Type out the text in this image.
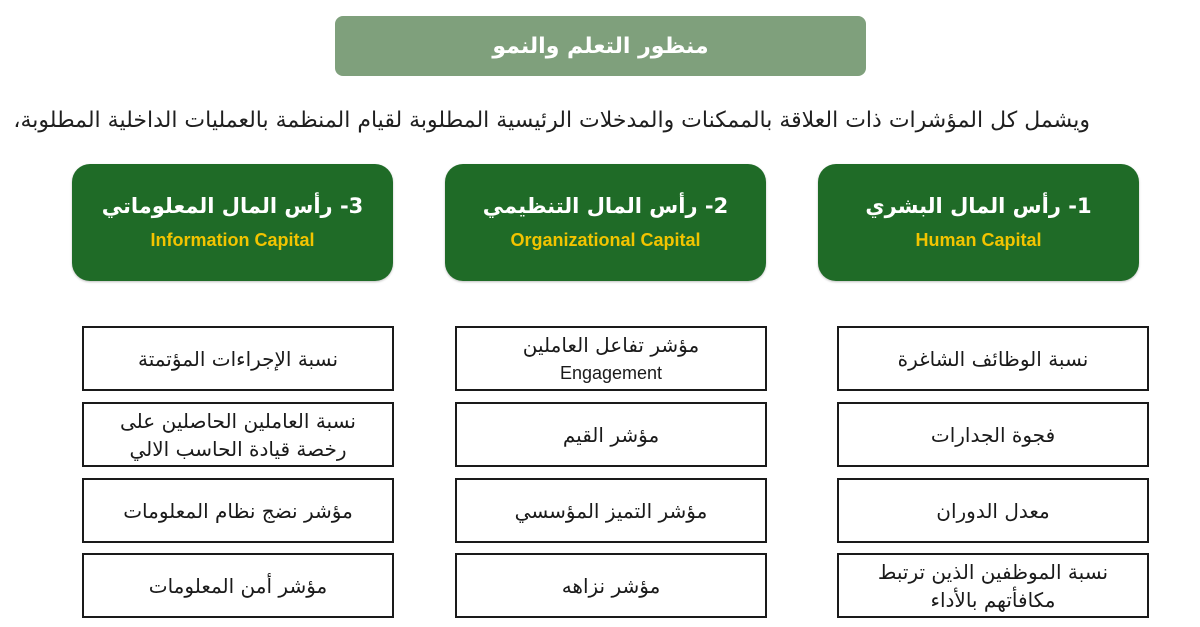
منظور التعلم والنمو
ويشمل كل المؤشرات ذات العلاقة بالممكنات والمدخلات الرئيسية المطلوبة لقيام المنظمة بالعمليات الداخلية المطلوبة،
1- رأس المال البشري
Human Capital
نسبة الوظائف الشاغرة
فجوة الجدارات
معدل الدوران
نسبة الموظفين الذين ترتبط
مكافأتهم بالأداء
2- رأس المال التنظيمي
Organizational Capital
مؤشر تفاعل العاملين
Engagement
مؤشر القيم
مؤشر التميز المؤسسي
مؤشر نزاهه
3- رأس المال المعلوماتي
Information Capital
نسبة الإجراءات المؤتمتة
نسبة العاملين الحاصلين على
رخصة قيادة الحاسب الالي
مؤشر نضج نظام المعلومات
مؤشر أمن المعلومات
